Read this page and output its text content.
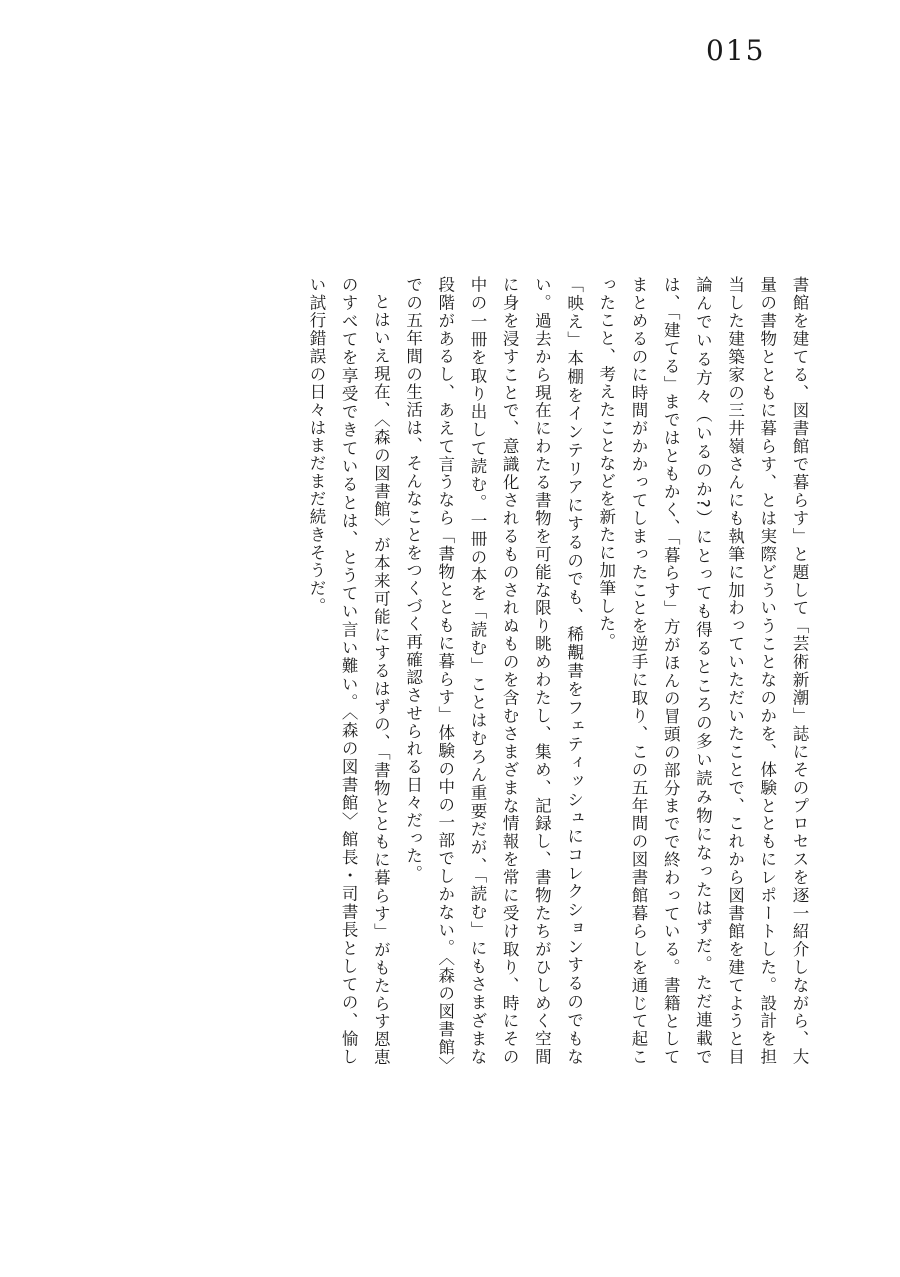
015

書館を建てる、図書館で暮らす」と題して「芸術新潮」誌にそのプロセスを逐一紹介しながら、大量の書物とともに暮らす、とは実際どういうことなのかを、体験とともにレポートした。設計を担当した建築家の三井嶺さんにも執筆に加わっていただいたことで、これから図書館を建てようと目論んでいる方々（いるのか?）にとっても得るところの多い読み物になったはずだ。ただ連載では、「建てる」まではともかく、「暮らす」方がほんの冒頭の部分までで終わっている。書籍としてまとめるのに時間がかかってしまったことを逆手に取り、この五年間の図書館暮らしを通じて起こったこと、考えたことなどを新たに加筆した。

「映え」本棚をインテリアにするのでも、稀覯書をフェティッシュにコレクションするのでもない。過去から現在にわたる書物を可能な限り眺めわたし、集め、記録し、書物たちがひしめく空間に身を浸すことで、意識化されるものされぬものを含むさまざまな情報を常に受け取り、時にその中の一冊を取り出して読む。一冊の本を「読む」ことはむろん重要だが、「読む」にもさまざまな段階があるし、あえて言うなら「書物とともに暮らす」体験の中の一部でしかない。〈森の図書館〉での五年間の生活は、そんなことをつくづく再確認させられる日々だった。

とはいえ現在、〈森の図書館〉が本来可能にするはずの、「書物とともに暮らす」がもたらす恩恵のすべてを享受できているとは、とうてい言い難い。〈森の図書館〉館長・司書長としての、愉しい試行錯誤の日々はまだまだ続きそうだ。
